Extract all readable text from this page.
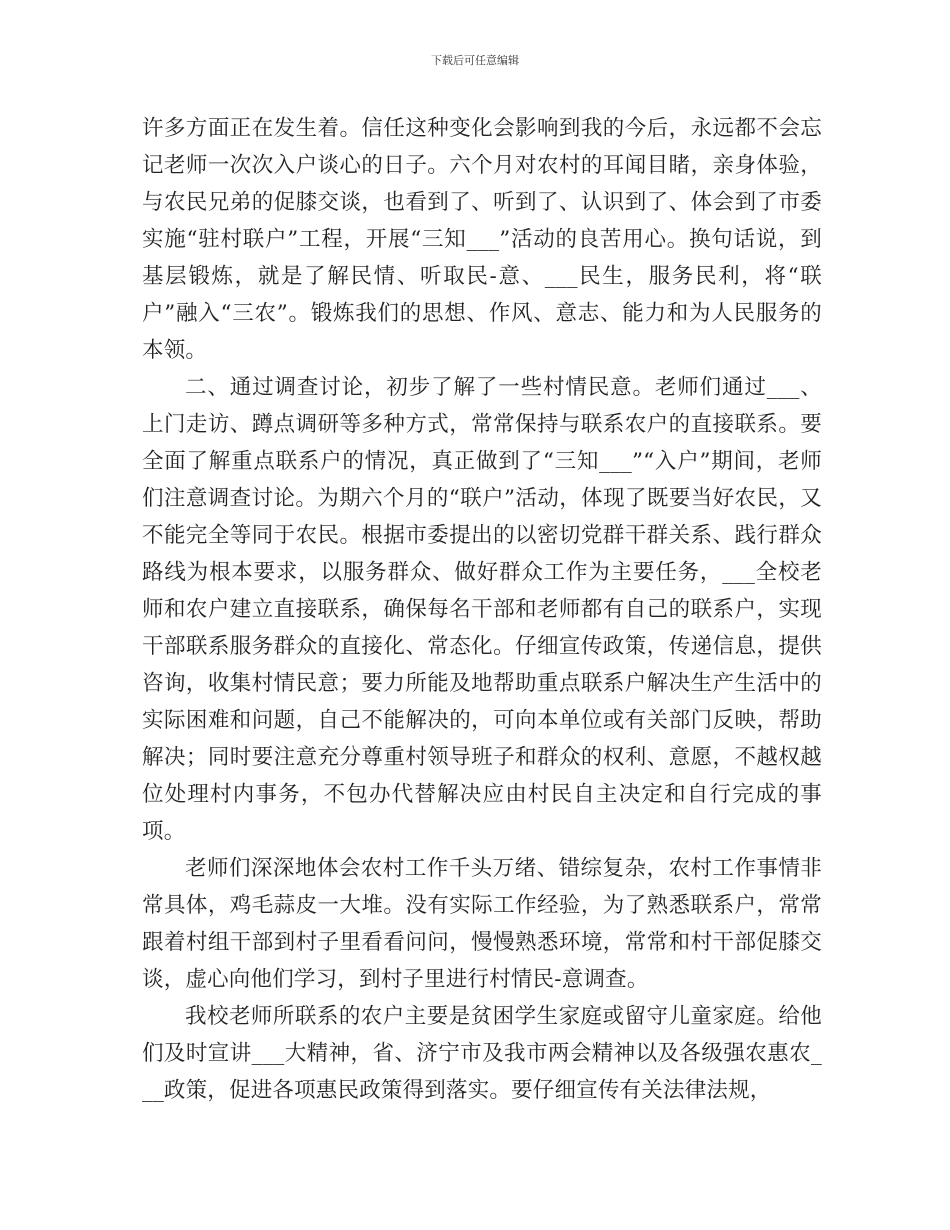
下载后可任意编辑

许多方面正在发生着。信任这种变化会影响到我的今后，永远都不会忘记老师一次次入户谈心的日子。六个月对农村的耳闻目睹，亲身体验，与农民兄弟的促膝交谈，也看到了、听到了、认识到了、体会到了市委实施“驻村联户”工程，开展“三知___”活动的良苦用心。换句话说，到基层锻炼，就是了解民情、听取民-意、___民生，服务民利，将“联户”融入“三农”。锻炼我们的思想、作风、意志、能力和为人民服务的本领。

二、通过调查讨论，初步了解了一些村情民意。老师们通过___、上门走访、蹲点调研等多种方式，常常保持与联系农户的直接联系。要全面了解重点联系户的情况，真正做到了“三知___”“入户”期间，老师们注意调查讨论。为期六个月的“联户”活动，体现了既要当好农民，又不能完全等同于农民。根据市委提出的以密切党群干群关系、践行群众路线为根本要求，以服务群众、做好群众工作为主要任务，___全校老师和农户建立直接联系，确保每名干部和老师都有自己的联系户，实现干部联系服务群众的直接化、常态化。仔细宣传政策，传递信息，提供咨询，收集村情民意；要力所能及地帮助重点联系户解决生产生活中的实际困难和问题，自己不能解决的，可向本单位或有关部门反映，帮助解决；同时要注意充分尊重村领导班子和群众的权利、意愿，不越权越位处理村内事务，不包办代替解决应由村民自主决定和自行完成的事项。

老师们深深地体会农村工作千头万绪、错综复杂，农村工作事情非常具体，鸡毛蒜皮一大堆。没有实际工作经验，为了熟悉联系户，常常跟着村组干部到村子里看看问问，慢慢熟悉环境，常常和村干部促膝交谈，虚心向他们学习，到村子里进行村情民-意调查。

我校老师所联系的农户主要是贫困学生家庭或留守儿童家庭。给他们及时宣讲___大精神，省、济宁市及我市两会精神以及各级强农惠农___政策，促进各项惠民政策得到落实。要仔细宣传有关法律法规，
